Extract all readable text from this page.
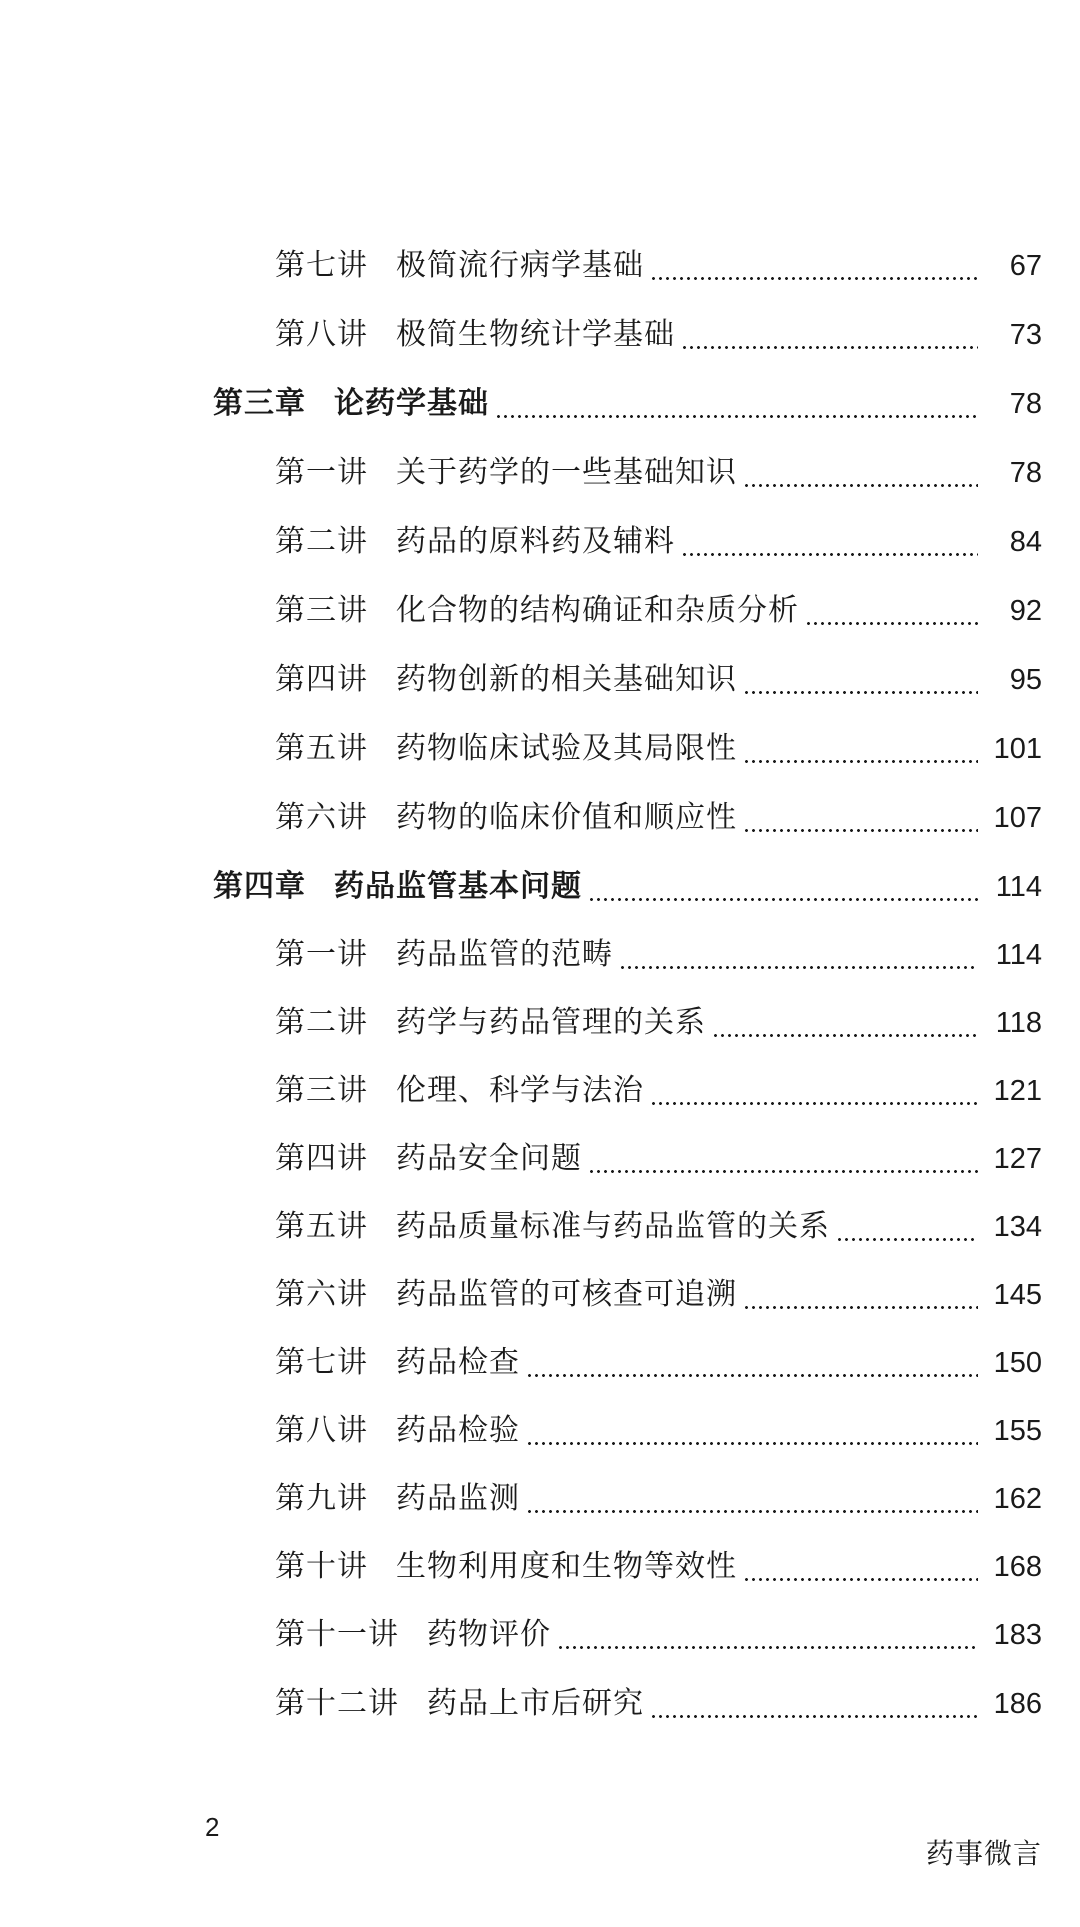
第七讲 极简流行病学基础	67
第八讲 极简生物统计学基础	73
第三章 论药学基础	78
第一讲 关于药学的一些基础知识	78
第二讲 药品的原料药及辅料	84
第三讲 化合物的结构确证和杂质分析	92
第四讲 药物创新的相关基础知识	95
第五讲 药物临床试验及其局限性	101
第六讲 药物的临床价值和顺应性	107
第四章 药品监管基本问题	114
第一讲 药品监管的范畴	114
第二讲 药学与药品管理的关系	118
第三讲 伦理、科学与法治	121
第四讲 药品安全问题	127
第五讲 药品质量标准与药品监管的关系	134
第六讲 药品监管的可核查可追溯	145
第七讲 药品检查	150
第八讲 药品检验	155
第九讲 药品监测	162
第十讲 生物利用度和生物等效性	168
第十一讲 药物评价	183
第十二讲 药品上市后研究	186
2
药事微言
